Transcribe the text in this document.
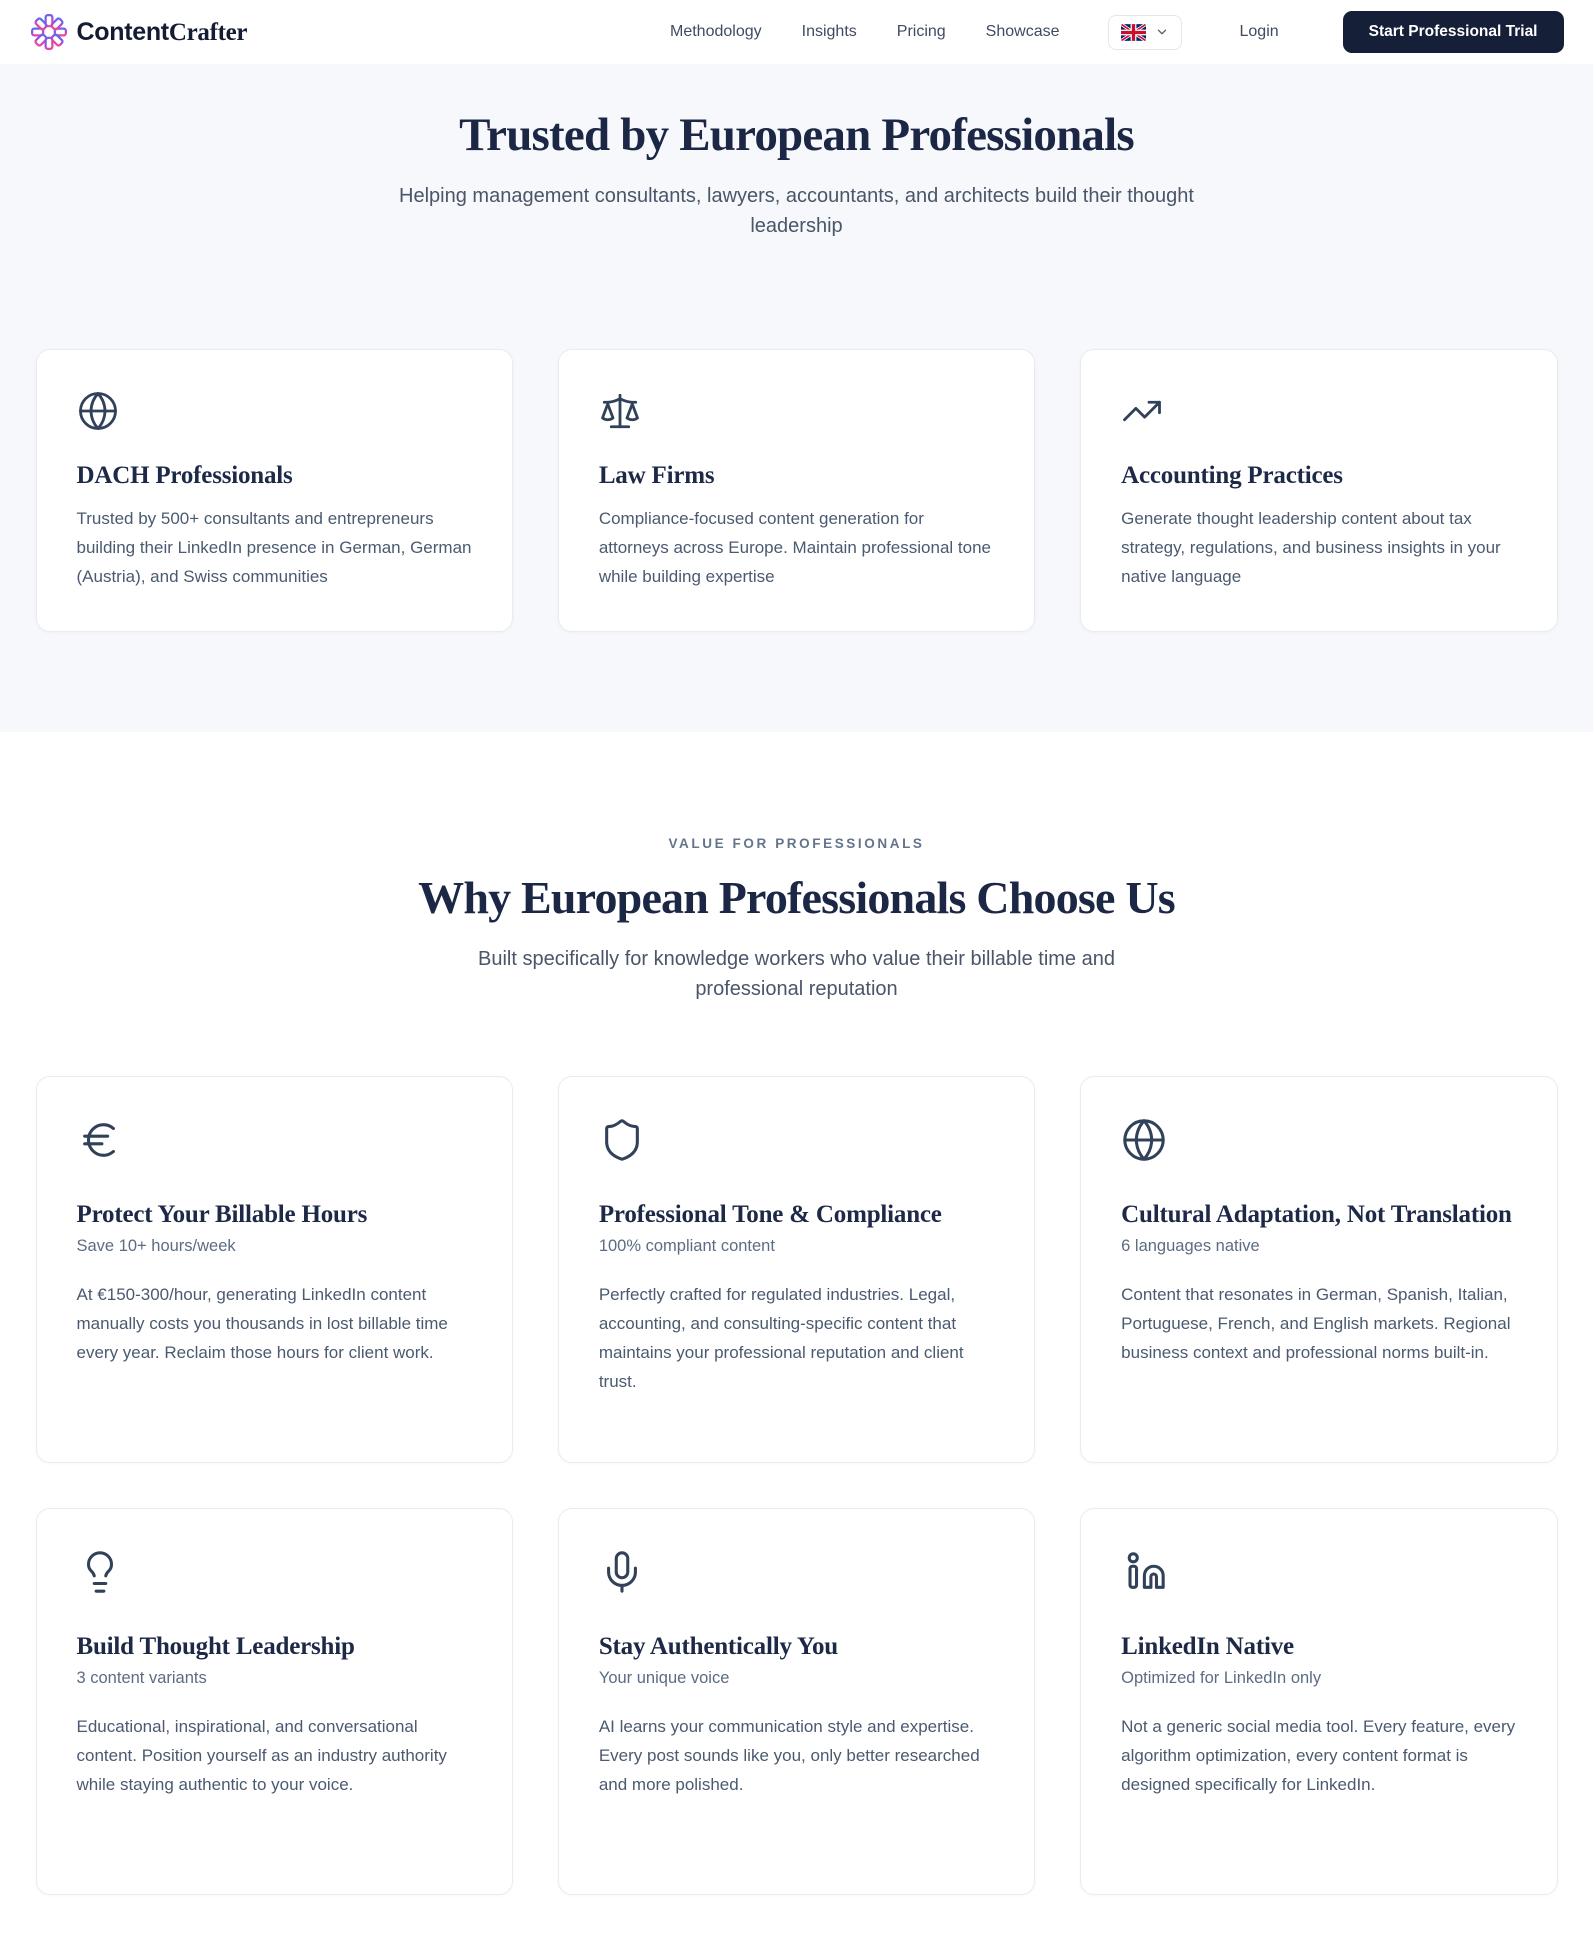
ContentCrafter	Methodology	Insights	Pricing	Showcase	Login	Start Professional Trial
Trusted by European Professionals

Helping management consultants, lawyers, accountants, and architects build their thought leadership

DACH Professionals

Trusted by 500+ consultants and entrepreneurs building their LinkedIn presence in German, German (Austria), and Swiss communities

Law Firms

Compliance-focused content generation for attorneys across Europe. Maintain professional tone while building expertise

Accounting Practices

Generate thought leadership content about tax strategy, regulations, and business insights in your native language

VALUE FOR PROFESSIONALS
Why European Professionals Choose Us

Built specifically for knowledge workers who value their billable time and professional reputation

Protect Your Billable Hours
Save 10+ hours/week

At €150-300/hour, generating LinkedIn content manually costs you thousands in lost billable time every year. Reclaim those hours for client work.

Professional Tone & Compliance
100% compliant content

Perfectly crafted for regulated industries. Legal, accounting, and consulting-specific content that maintains your professional reputation and client trust.

Cultural Adaptation, Not Translation
6 languages native

Content that resonates in German, Spanish, Italian, Portuguese, French, and English markets. Regional business context and professional norms built-in.

Build Thought Leadership
3 content variants

Educational, inspirational, and conversational content. Position yourself as an industry authority while staying authentic to your voice.

Stay Authentically You
Your unique voice

AI learns your communication style and expertise. Every post sounds like you, only better researched and more polished.

LinkedIn Native
Optimized for LinkedIn only

Not a generic social media tool. Every feature, every algorithm optimization, every content format is designed specifically for LinkedIn.
